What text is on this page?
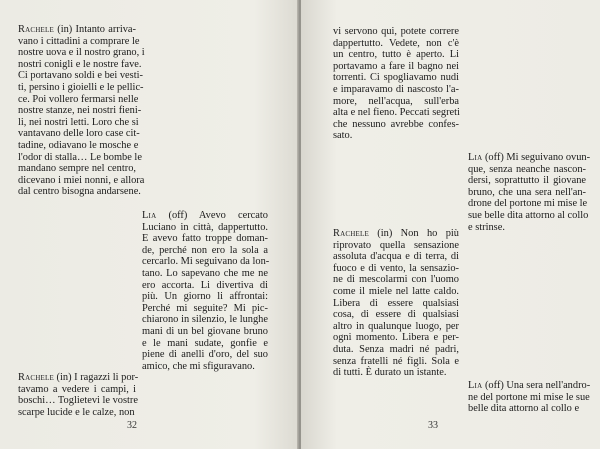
Rachele (in) Intanto arriva-
vano i cittadini a comprare le
nostre uova e il nostro grano, i
nostri conigli e le nostre fave.
Ci portavano soldi e bei vesti-
ti, persino i gioielli e le pellic-
ce. Poi vollero fermarsi nelle
nostre stanze, nei nostri fieni-
li, nei nostri letti. Loro che si
vantavano delle loro case cit-
tadine, odiavano le mosche e
l'odor di stalla… Le bombe le
mandano sempre nel centro,
dicevano i miei nonni, e allora
dal centro bisogna andarsene.
Lia (off) Avevo cercato
Luciano in città, dappertutto.
E avevo fatto troppe doman-
de, perché non ero la sola a
cercarlo. Mi seguivano da lon-
tano. Lo sapevano che me ne
ero accorta. Li divertiva di
più. Un giorno li affrontai:
Perché mi seguite? Mi pic-
chiarono in silenzio, le lunghe
mani di un bel giovane bruno
e le mani sudate, gonfie e
piene di anelli d'oro, del suo
amico, che mi sfiguravano.
Rachele (in) I ragazzi li por-
tavamo a vedere i campi, i
boschi… Toglietevi le vostre
scarpe lucide e le calze, non
32
vi servono qui, potete correre
dappertutto. Vedete, non c'è
un centro, tutto è aperto. Li
portavamo a fare il bagno nei
torrenti. Ci spogliavamo nudi
e imparavamo di nascosto l'a-
more, nell'acqua, sull'erba
alta e nel fieno. Peccati segreti
che nessuno avrebbe confes-
sato.
Lia (off) Mi seguivano ovun-
que, senza neanche nascon-
dersi, soprattutto il giovane
bruno, che una sera nell'an-
drone del portone mi mise le
sue belle dita attorno al collo
e strinse.
Rachele (in) Non ho più
riprovato quella sensazione
assoluta d'acqua e di terra, di
fuoco e di vento, la sensazio-
ne di mescolarmi con l'uomo
come il miele nel latte caldo.
Libera di essere qualsiasi
cosa, di essere di qualsiasi
altro in qualunque luogo, per
ogni momento. Libera e per-
duta. Senza madri né padri,
senza fratelli né figli. Sola e
di tutti. È durato un istante.
Lia (off) Una sera nell'andro-
ne del portone mi mise le sue
belle dita attorno al collo e
33
